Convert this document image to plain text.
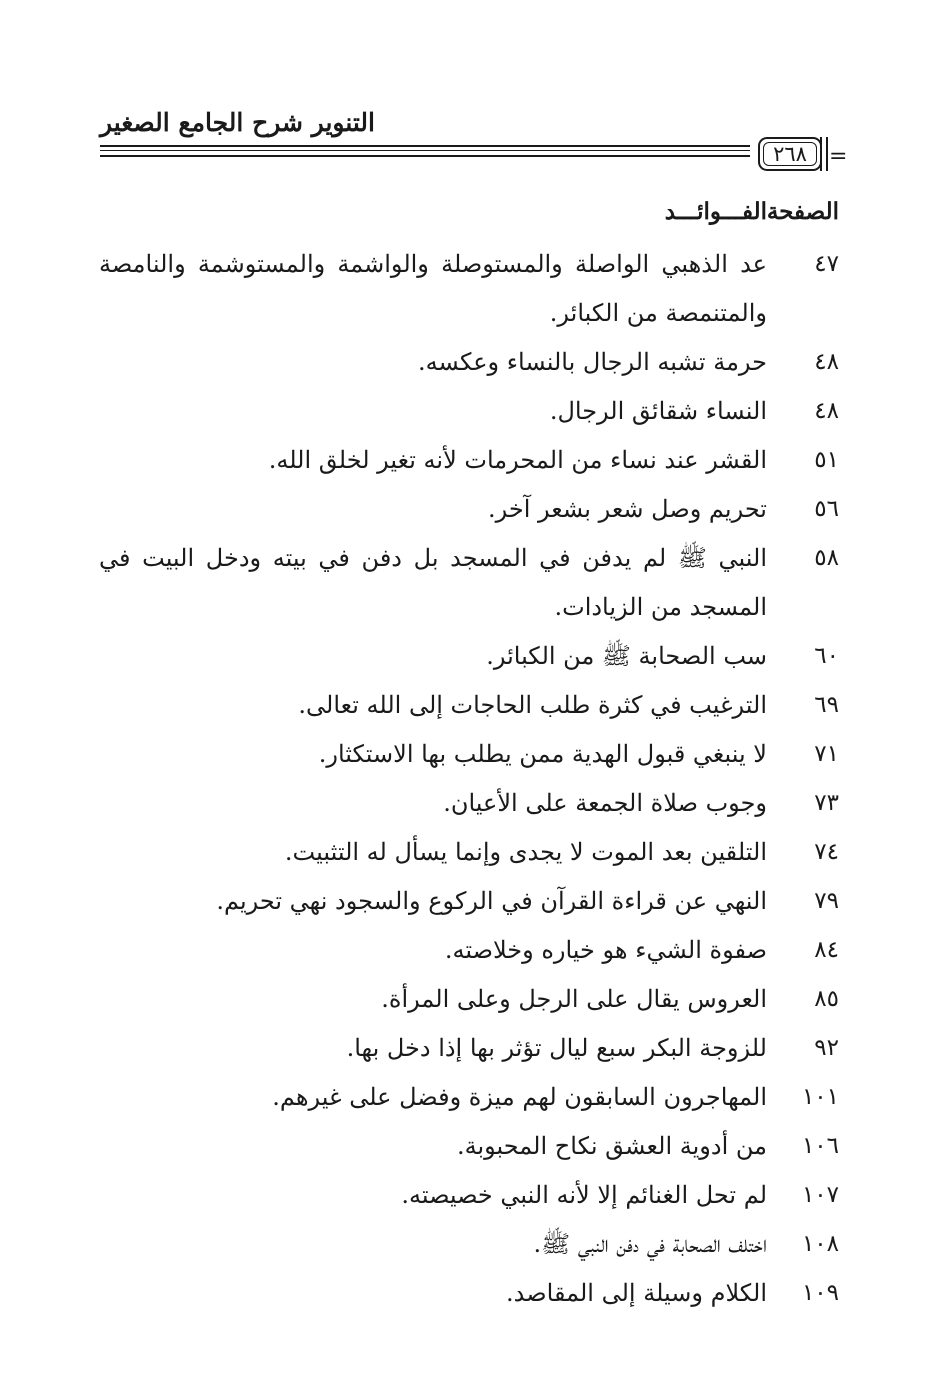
التنوير شرح الجامع الصغير
٢٦٨	=
الصفحة
الفـــوائـــد
٤٧
عد الذهبي الواصلة والمستوصلة والواشمة والمستوشمة والنامصة والمتنمصة من الكبائر.
٤٨
حرمة تشبه الرجال بالنساء وعكسه.
٤٨
النساء شقائق الرجال.
٥١
القشر عند نساء من المحرمات لأنه تغير لخلق الله.
٥٦
تحريم وصل شعر بشعر آخر.
٥٨
النبي ﷺ لم يدفن في المسجد بل دفن في بيته ودخل البيت في المسجد من الزيادات.
٦٠
سب الصحابة ﷺ من الكبائر.
٦٩
الترغيب في كثرة طلب الحاجات إلى الله تعالى.
٧١
لا ينبغي قبول الهدية ممن يطلب بها الاستكثار.
٧٣
وجوب صلاة الجمعة على الأعيان.
٧٤
التلقين بعد الموت لا يجدى وإنما يسأل له التثبيت.
٧٩
النهي عن قراءة القرآن في الركوع والسجود نهي تحريم.
٨٤
صفوة الشيء هو خياره وخلاصته.
٨٥
العروس يقال على الرجل وعلى المرأة.
٩٢
للزوجة البكر سبع ليال تؤثر بها إذا دخل بها.
١٠١
المهاجرون السابقون لهم ميزة وفضل على غيرهم.
١٠٦
من أدوية العشق نكاح المحبوبة.
١٠٧
لم تحل الغنائم إلا لأنه النبي خصيصته.
١٠٨
اختلف الصحابة في دفن النبي ﷺ.
١٠٩
الكلام وسيلة إلى المقاصد.
